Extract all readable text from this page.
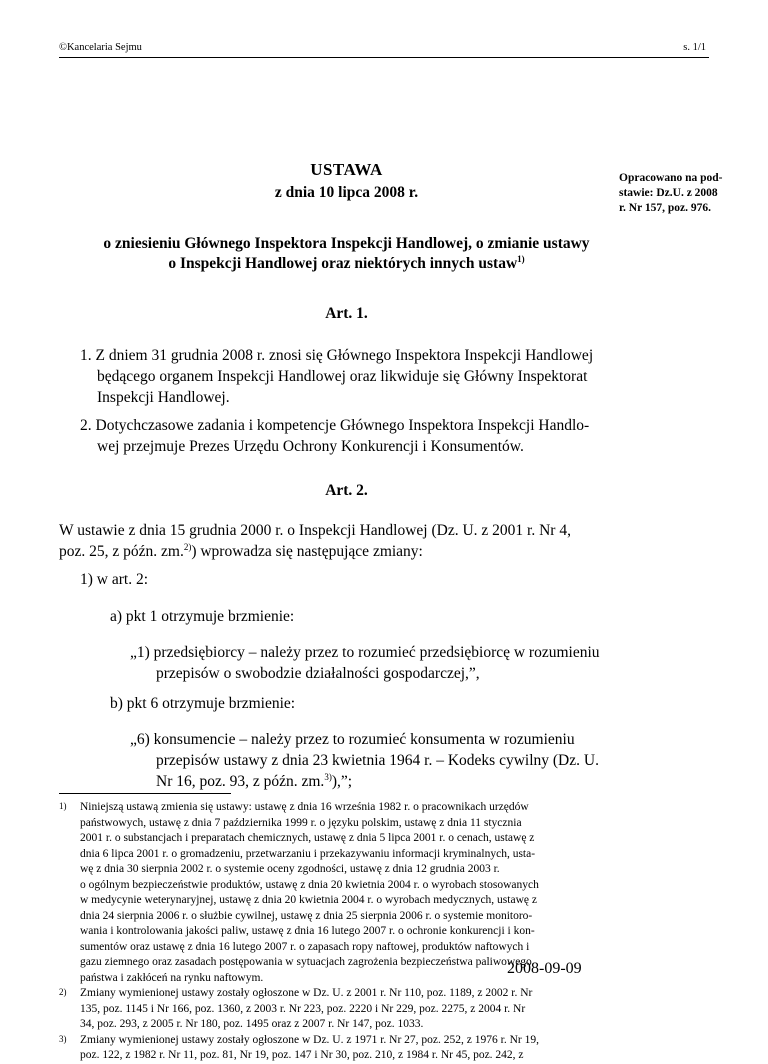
©Kancelaria Sejmu	s. 1/1
Opracowano na pod-
stawie: Dz.U. z 2008
r. Nr 157, poz. 976.
USTAWA
z dnia 10 lipca 2008 r.
o zniesieniu Głównego Inspektora Inspekcji Handlowej, o zmianie ustawy
o Inspekcji Handlowej oraz niektórych innych ustaw$^{1)}$
Art. 1.
1. Z dniem 31 grudnia 2008 r. znosi się Głównego Inspektora Inspekcji Handlowej
będącego organem Inspekcji Handlowej oraz likwiduje się Główny Inspektorat
Inspekcji Handlowej.
2. Dotychczasowe zadania i kompetencje Głównego Inspektora Inspekcji Handlo-
wej przejmuje Prezes Urzędu Ochrony Konkurencji i Konsumentów.
Art. 2.
W ustawie z dnia 15 grudnia 2000 r. o Inspekcji Handlowej (Dz. U. z 2001 r. Nr 4,
poz. 25, z późn. zm.$^{2)}$) wprowadza się następujące zmiany:
1) w art. 2:
a) pkt 1 otrzymuje brzmienie:
„1) przedsiębiorcy – należy przez to rozumieć przedsiębiorcę w rozumieniu
przepisów o swobodzie działalności gospodarczej,”,
b) pkt 6 otrzymuje brzmienie:
„6) konsumencie – należy przez to rozumieć konsumenta w rozumieniu
przepisów ustawy z dnia 23 kwietnia 1964 r. – Kodeks cywilny (Dz. U.
Nr 16, poz. 93, z późn. zm.$^{3)}$),”;
1) Niniejszą ustawą zmienia się ustawy: ustawę z dnia 16 września 1982 r. o pracownikach urzędów
państwowych, ustawę z dnia 7 października 1999 r. o języku polskim, ustawę z dnia 11 stycznia
2001 r. o substancjach i preparatach chemicznych, ustawę z dnia 5 lipca 2001 r. o cenach, ustawę z
dnia 6 lipca 2001 r. o gromadzeniu, przetwarzaniu i przekazywaniu informacji kryminalnych, usta-
wę z dnia 30 sierpnia 2002 r. o systemie oceny zgodności, ustawę z dnia 12 grudnia 2003 r.
o ogólnym bezpieczeństwie produktów, ustawę z dnia 20 kwietnia 2004 r. o wyrobach stosowanych
w medycynie weterynaryjnej, ustawę z dnia 20 kwietnia 2004 r. o wyrobach medycznych, ustawę z
dnia 24 sierpnia 2006 r. o służbie cywilnej, ustawę z dnia 25 sierpnia 2006 r. o systemie monitoro-
wania i kontrolowania jakości paliw, ustawę z dnia 16 lutego 2007 r. o ochronie konkurencji i kon-
sumentów oraz ustawę z dnia 16 lutego 2007 r. o zapasach ropy naftowej, produktów naftowych i
gazu ziemnego oraz zasadach postępowania w sytuacjach zagrożenia bezpieczeństwa paliwowego
państwa i zakłóceń na rynku naftowym.
2) Zmiany wymienionej ustawy zostały ogłoszone w Dz. U. z 2001 r. Nr 110, poz. 1189, z 2002 r. Nr
135, poz. 1145 i Nr 166, poz. 1360, z 2003 r. Nr 223, poz. 2220 i Nr 229, poz. 2275, z 2004 r. Nr
34, poz. 293, z 2005 r. Nr 180, poz. 1495 oraz z 2007 r. Nr 147, poz. 1033.
3) Zmiany wymienionej ustawy zostały ogłoszone w Dz. U. z 1971 r. Nr 27, poz. 252, z 1976 r. Nr 19,
poz. 122, z 1982 r. Nr 11, poz. 81, Nr 19, poz. 147 i Nr 30, poz. 210, z 1984 r. Nr 45, poz. 242, z
2008-09-09
